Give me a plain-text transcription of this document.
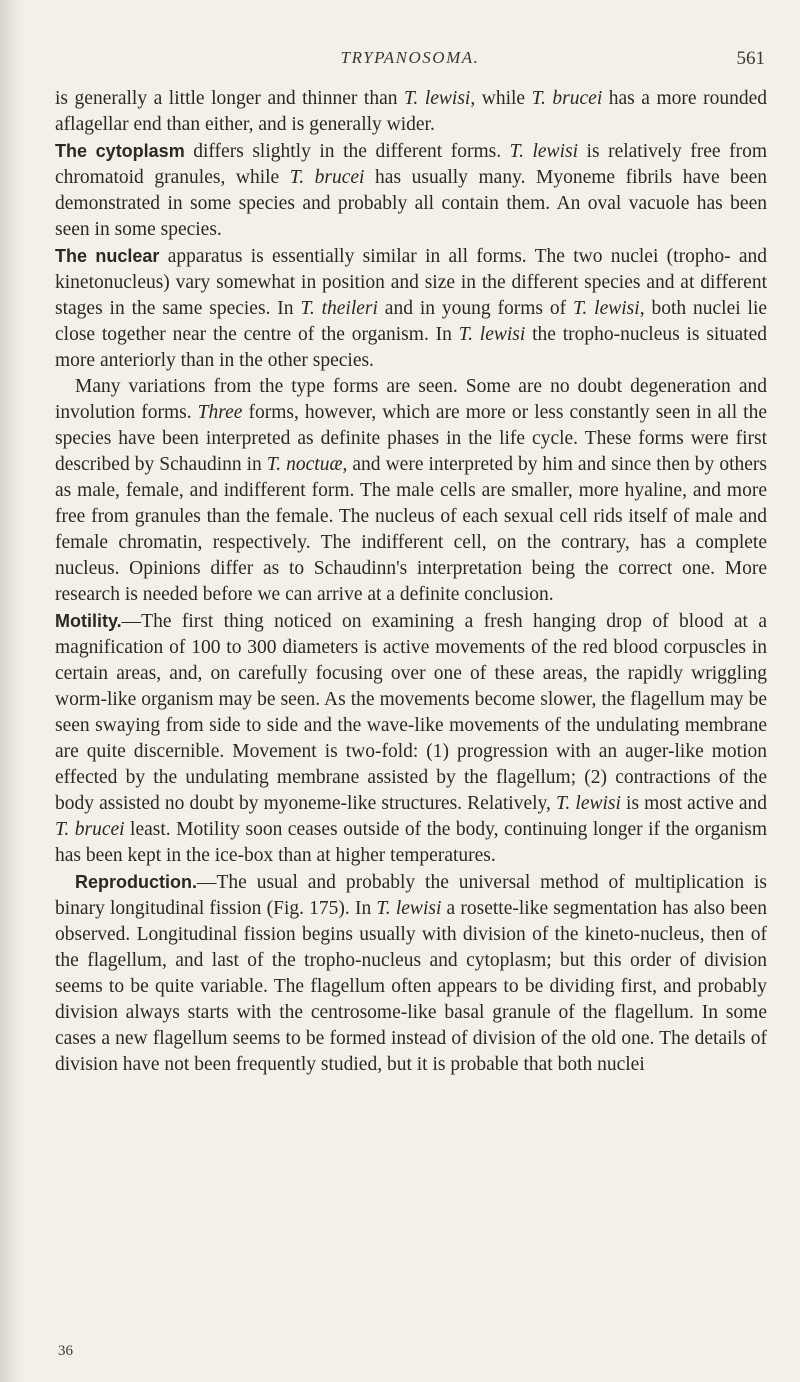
TRYPANOSOMA.	561

is generally a little longer and thinner than T. lewisi, while T. brucei has a more rounded aflagellar end than either, and is generally wider.

The cytoplasm differs slightly in the different forms. T. lewisi is relatively free from chromatoid granules, while T. brucei has usually many. Myoneme fibrils have been demonstrated in some species and probably all contain them. An oval vacuole has been seen in some species.

The nuclear apparatus is essentially similar in all forms. The two nuclei (tropho- and kinetonucleus) vary somewhat in position and size in the different species and at different stages in the same species. In T. theileri and in young forms of T. lewisi, both nuclei lie close together near the centre of the organism. In T. lewisi the tropho-nucleus is situated more anteriorly than in the other species.

Many variations from the type forms are seen. Some are no doubt degeneration and involution forms. Three forms, however, which are more or less constantly seen in all the species have been interpreted as definite phases in the life cycle. These forms were first described by Schaudinn in T. noctuæ, and were interpreted by him and since then by others as male, female, and indifferent form. The male cells are smaller, more hyaline, and more free from granules than the female. The nucleus of each sexual cell rids itself of male and female chromatin, respectively. The indifferent cell, on the contrary, has a complete nucleus. Opinions differ as to Schaudinn's interpretation being the correct one. More research is needed before we can arrive at a definite conclusion.

Motility.—The first thing noticed on examining a fresh hanging drop of blood at a magnification of 100 to 300 diameters is active movements of the red blood corpuscles in certain areas, and, on carefully focusing over one of these areas, the rapidly wriggling worm-like organism may be seen. As the movements become slower, the flagellum may be seen swaying from side to side and the wave-like movements of the undulating membrane are quite discernible. Movement is two-fold: (1) progression with an auger-like motion effected by the undulating membrane assisted by the flagellum; (2) contractions of the body assisted no doubt by myoneme-like structures. Relatively, T. lewisi is most active and T. brucei least. Motility soon ceases outside of the body, continuing longer if the organism has been kept in the ice-box than at higher temperatures.

Reproduction.—The usual and probably the universal method of multiplication is binary longitudinal fission (Fig. 175). In T. lewisi a rosette-like segmentation has also been observed. Longitudinal fission begins usually with division of the kineto-nucleus, then of the flagellum, and last of the tropho-nucleus and cytoplasm; but this order of division seems to be quite variable. The flagellum often appears to be dividing first, and probably division always starts with the centrosome-like basal granule of the flagellum. In some cases a new flagellum seems to be formed instead of division of the old one. The details of division have not been frequently studied, but it is probable that both nuclei

36
